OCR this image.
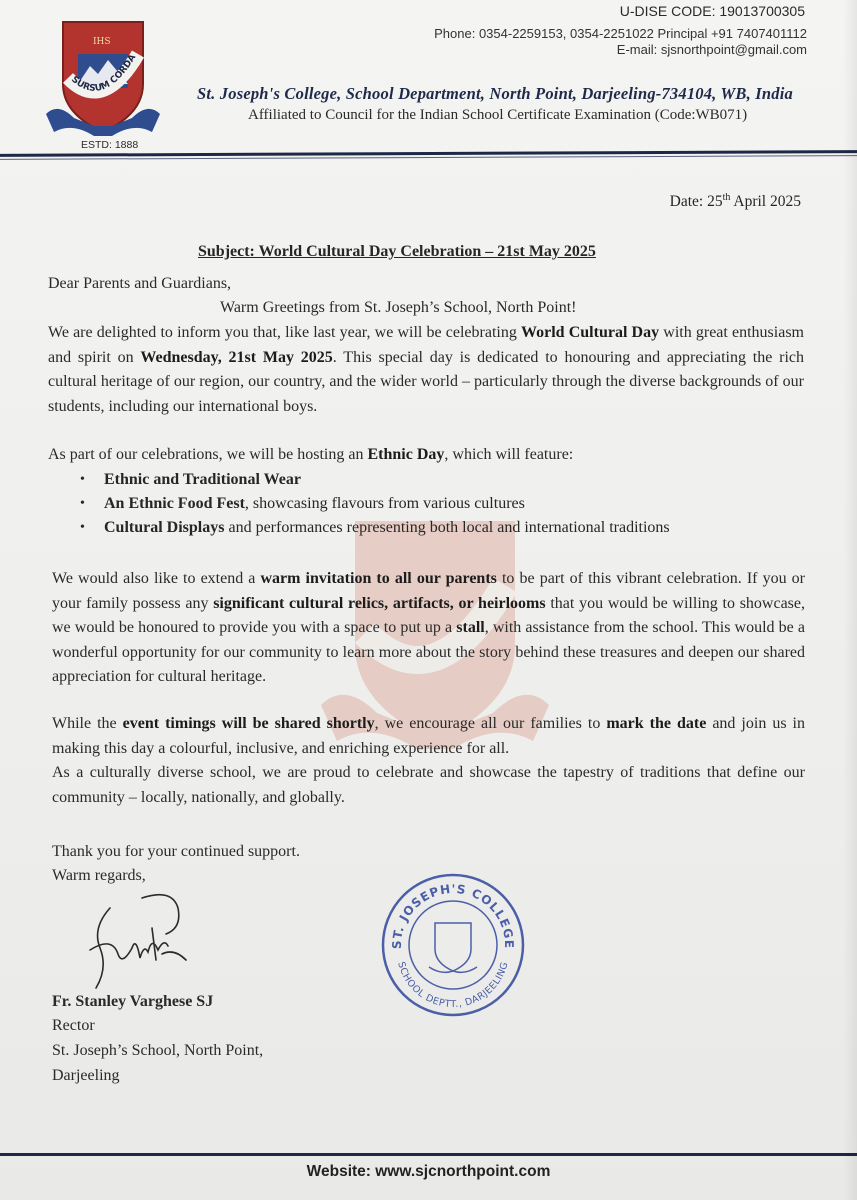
IHS
SURSUM CORDA
ESTD: 1888
U-DISE CODE: 19013700305
Phone: 0354-2259153, 0354-2251022 Principal +91 7407401112
E-mail: sjsnorthpoint@gmail.com
St. Joseph's College, School Department, North Point, Darjeeling-734104, WB, India
Affiliated to Council for the Indian School Certificate Examination (Code:WB071)
Date: 25th April 2025
Subject: World Cultural Day Celebration – 21st May 2025
Dear Parents and Guardians,
Warm Greetings from St. Joseph’s School, North Point!
We are delighted to inform you that, like last year, we will be celebrating World Cultural Day with great enthusiasm and spirit on Wednesday, 21st May 2025. This special day is dedicated to honouring and appreciating the rich cultural heritage of our region, our country, and the wider world – particularly through the diverse backgrounds of our students, including our international boys.
As part of our celebrations, we will be hosting an Ethnic Day, which will feature:
• Ethnic and Traditional Wear
• An Ethnic Food Fest, showcasing flavours from various cultures
• Cultural Displays and performances representing both local and international traditions
We would also like to extend a warm invitation to all our parents to be part of this vibrant celebration. If you or your family possess any significant cultural relics, artifacts, or heirlooms that you would be willing to showcase, we would be honoured to provide you with a space to put up a stall, with assistance from the school. This would be a wonderful opportunity for our community to learn more about the story behind these treasures and deepen our shared appreciation for cultural heritage.
While the event timings will be shared shortly, we encourage all our families to mark the date and join us in making this day a colourful, inclusive, and enriching experience for all.
As a culturally diverse school, we are proud to celebrate and showcase the tapestry of traditions that define our community – locally, nationally, and globally.
Thank you for your continued support.
Warm regards,
Fr. Stanley Varghese SJ
Rector
St. Joseph’s School, North Point,
Darjeeling
ST. JOSEPH'S COLLEGE
SCHOOL DEPTT., DARJEELING
Website: www.sjcnorthpoint.com
